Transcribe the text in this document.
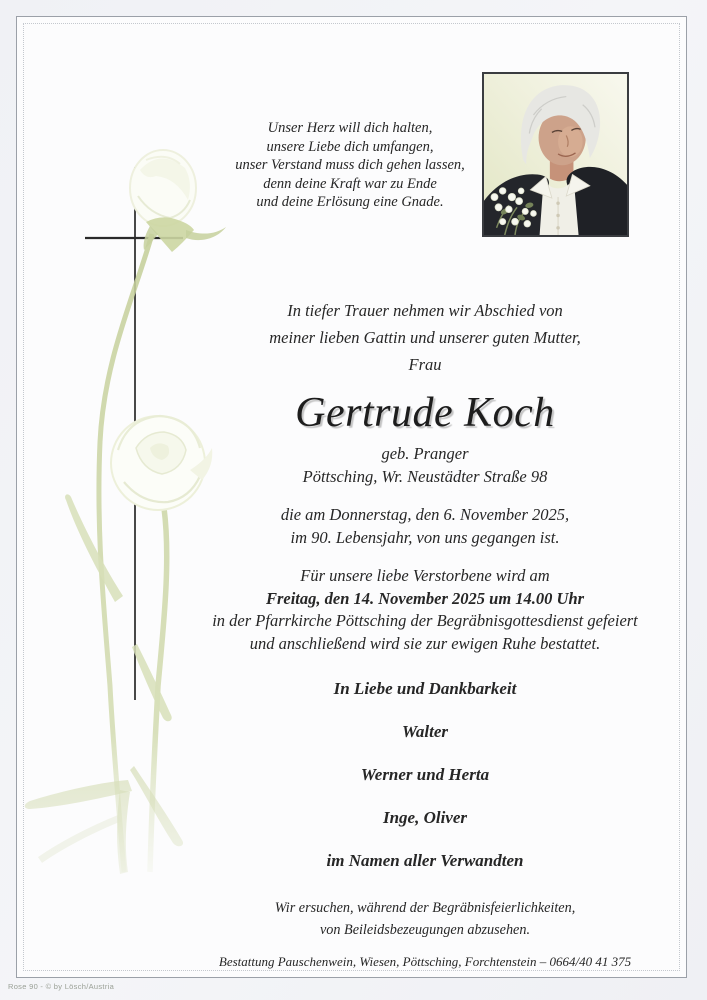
Unser Herz will dich halten,
unsere Liebe dich umfangen,
unser Verstand muss dich gehen lassen,
denn deine Kraft war zu Ende
und deine Erlösung eine Gnade.
In tiefer Trauer nehmen wir Abschied von
meiner lieben Gattin und unserer guten Mutter,
Frau
Gertrude Koch
geb. Pranger
Pöttsching, Wr. Neustädter Straße 98
die am Donnerstag, den 6. November 2025,
im 90. Lebensjahr, von uns gegangen ist.
Für unsere liebe Verstorbene wird am
Freitag, den 14. November 2025 um 14.00 Uhr
in der Pfarrkirche Pöttsching der Begräbnisgottesdienst gefeiert
und anschließend wird sie zur ewigen Ruhe bestattet.
In Liebe und Dankbarkeit
Walter
Werner und Herta
Inge, Oliver
im Namen aller Verwandten
Wir ersuchen, während der Begräbnisfeierlichkeiten,
von Beileidsbezeugungen abzusehen.
Bestattung Pauschenwein, Wiesen, Pöttsching, Forchtenstein – 0664/40 41 375
Rose 90 - © by Lösch/Austria
